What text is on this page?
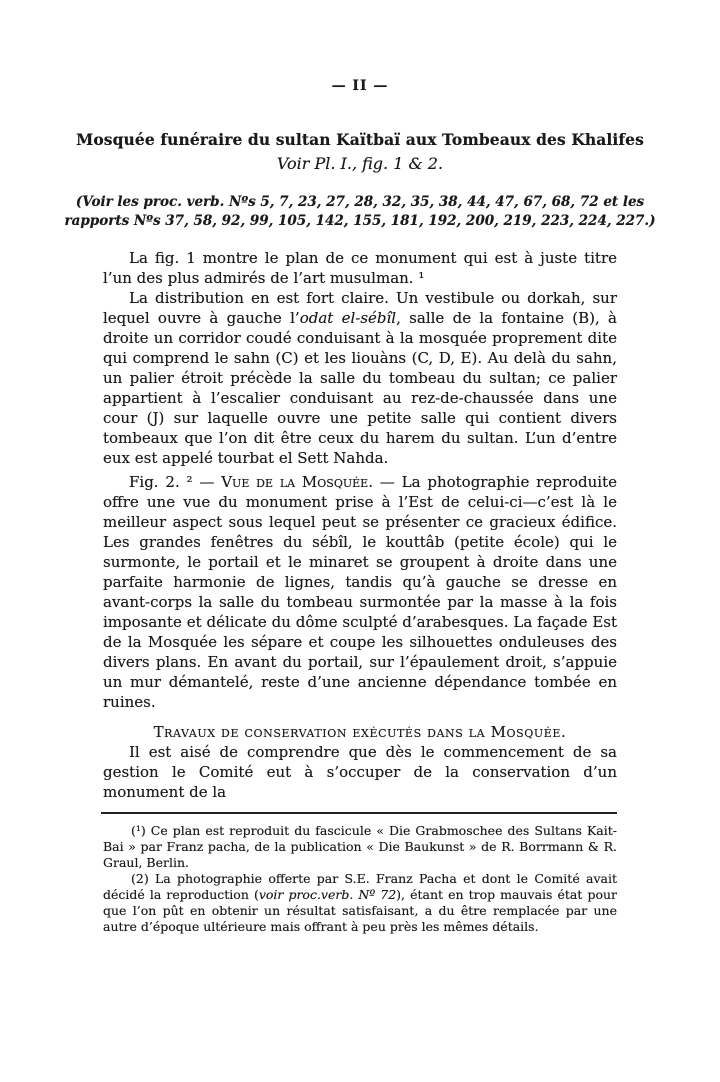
— II —
Mosquée funéraire du sultan Kaïtbaï aux Tombeaux des Khalifes
Voir Pl. I., fig. 1 & 2.
(Voir les proc. verb. Nºs 5, 7, 23, 27, 28, 32, 35, 38, 44, 47, 67, 68, 72 et les
rapports Nºs 37, 58, 92, 99, 105, 142, 155, 181, 192, 200, 219, 223, 224, 227.)

La fig. 1 montre le plan de ce monument qui est à juste titre l’un des plus admirés de l’art musulman. ¹

La distribution en est fort claire. Un vestibule ou dorkah, sur lequel ouvre à gauche l’odat el-sébîl, salle de la fontaine (B), à droite un corridor coudé conduisant à la mosquée proprement dite qui comprend le sahn (C) et les liouàns (C, D, E). Au delà du sahn, un palier étroit précède la salle du tombeau du sultan; ce palier appartient à l’escalier conduisant au rez-de-chaussée dans une cour (J) sur laquelle ouvre une petite salle qui contient divers tombeaux que l’on dit être ceux du harem du sultan. L’un d’entre eux est appelé tourbat el Sett Nahda.

Fig. 2. ² — Vue de la Mosquée. — La photographie reproduite offre une vue du monument prise à l’Est de celui-ci—c’est là le meilleur aspect sous lequel peut se présenter ce gracieux édifice. Les grandes fenêtres du sébîl, le kouttâb (petite école) qui le surmonte, le portail et le minaret se groupent à droite dans une parfaite harmonie de lignes, tandis qu’à gauche se dresse en avant-corps la salle du tombeau surmontée par la masse à la fois imposante et délicate du dôme sculpté d’arabesques. La façade Est de la Mosquée les sépare et coupe les silhouettes onduleuses des divers plans. En avant du portail, sur l’épaulement droit, s’appuie un mur démantelé, reste d’une ancienne dépendance tombée en ruines.

Travaux de conservation exécutés dans la Mosquée.

Il est aisé de comprendre que dès le commencement de sa gestion le Comité eut à s’occuper de la conservation d’un monument de la

(¹) Ce plan est reproduit du fascicule « Die Grabmoschee des Sultans Kait-Bai » par Franz pacha, de la publication « Die Baukunst » de R. Borrmann & R. Graul, Berlin.

(2) La photographie offerte par S.E. Franz Pacha et dont le Comité avait décidé la reproduction (voir proc.verb. Nº 72), étant en trop mauvais état pour que l’on pût en obtenir un résultat satisfaisant, a du être remplacée par une autre d’époque ultérieure mais offrant à peu près les mêmes détails.
